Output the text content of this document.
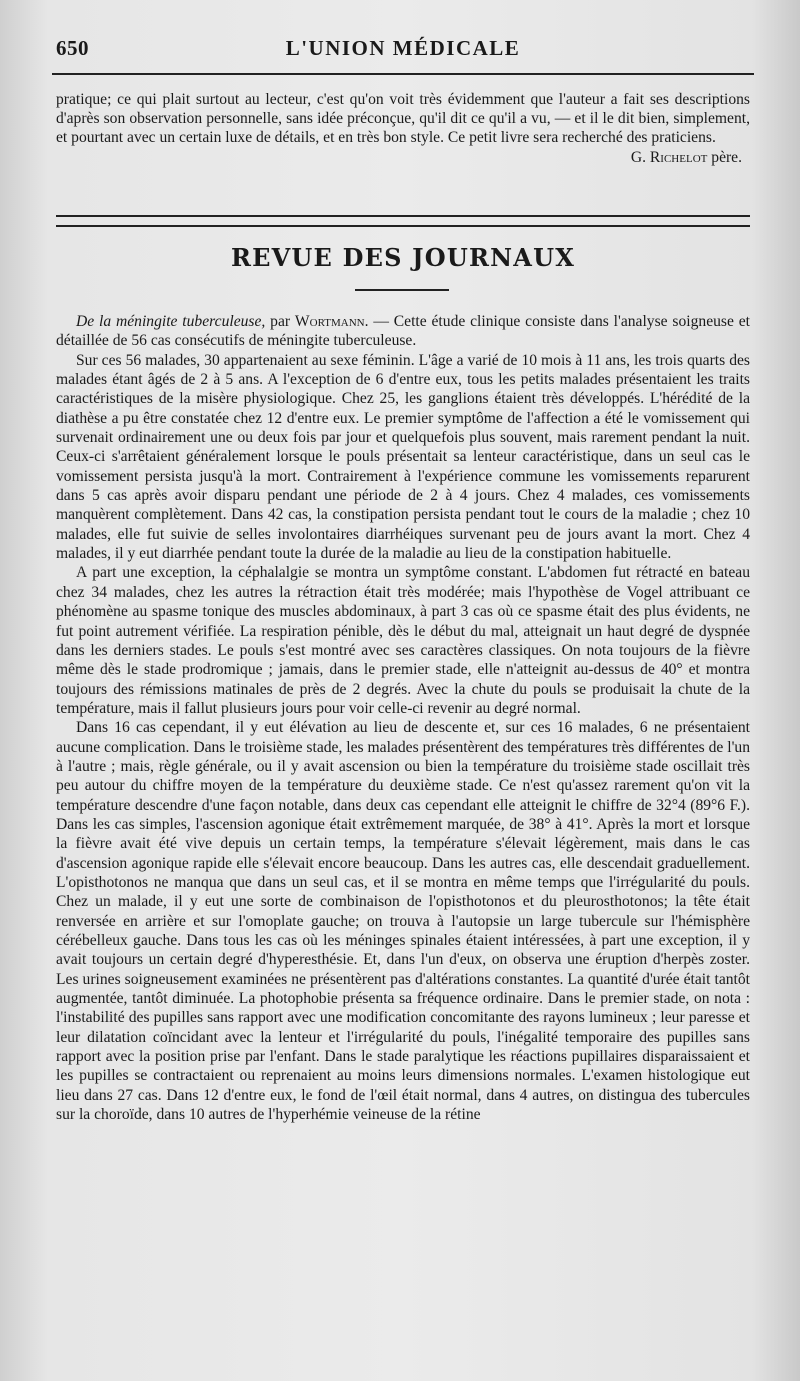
650	L'UNION MÉDICALE

pratique; ce qui plait surtout au lecteur, c'est qu'on voit très évidemment que l'auteur a fait ses descriptions d'après son observation personnelle, sans idée préconçue, qu'il dit ce qu'il a vu, — et il le dit bien, simplement, et pourtant avec un certain luxe de détails, et en très bon style. Ce petit livre sera recherché des praticiens.

G. Richelot père.
REVUE DES JOURNAUX

De la méningite tuberculeuse, par Wortmann. — Cette étude clinique consiste dans l'analyse soigneuse et détaillée de 56 cas consécutifs de méningite tuberculeuse.

Sur ces 56 malades, 30 appartenaient au sexe féminin. L'âge a varié de 10 mois à 11 ans, les trois quarts des malades étant âgés de 2 à 5 ans. A l'exception de 6 d'entre eux, tous les petits malades présentaient les traits caractéristiques de la misère physiologique. Chez 25, les ganglions étaient très développés. L'hérédité de la diathèse a pu être constatée chez 12 d'entre eux. Le premier symptôme de l'affection a été le vomissement qui survenait ordinairement une ou deux fois par jour et quelquefois plus souvent, mais rarement pendant la nuit. Ceux-ci s'arrêtaient généralement lorsque le pouls présentait sa lenteur caractéristique, dans un seul cas le vomissement persista jusqu'à la mort. Contrairement à l'expérience commune les vomissements reparurent dans 5 cas après avoir disparu pendant une période de 2 à 4 jours. Chez 4 malades, ces vomissements manquèrent complètement. Dans 42 cas, la constipation persista pendant tout le cours de la maladie ; chez 10 malades, elle fut suivie de selles involontaires diarrhéiques survenant peu de jours avant la mort. Chez 4 malades, il y eut diarrhée pendant toute la durée de la maladie au lieu de la constipation habituelle.

A part une exception, la céphalalgie se montra un symptôme constant. L'abdomen fut rétracté en bateau chez 34 malades, chez les autres la rétraction était très modérée; mais l'hypothèse de Vogel attribuant ce phénomène au spasme tonique des muscles abdominaux, à part 3 cas où ce spasme était des plus évidents, ne fut point autrement vérifiée. La respiration pénible, dès le début du mal, atteignait un haut degré de dyspnée dans les derniers stades. Le pouls s'est montré avec ses caractères classiques. On nota toujours de la fièvre même dès le stade prodromique ; jamais, dans le premier stade, elle n'atteignit au-dessus de 40° et montra toujours des rémissions matinales de près de 2 degrés. Avec la chute du pouls se produisait la chute de la température, mais il fallut plusieurs jours pour voir celle-ci revenir au degré normal.

Dans 16 cas cependant, il y eut élévation au lieu de descente et, sur ces 16 malades, 6 ne présentaient aucune complication. Dans le troisième stade, les malades présentèrent des températures très différentes de l'un à l'autre ; mais, règle générale, ou il y avait ascension ou bien la température du troisième stade oscillait très peu autour du chiffre moyen de la température du deuxième stade. Ce n'est qu'assez rarement qu'on vit la température descendre d'une façon notable, dans deux cas cependant elle atteignit le chiffre de 32°4 (89°6 F.). Dans les cas simples, l'ascension agonique était extrêmement marquée, de 38° à 41°. Après la mort et lorsque la fièvre avait été vive depuis un certain temps, la température s'élevait légèrement, mais dans le cas d'ascension agonique rapide elle s'élevait encore beaucoup. Dans les autres cas, elle descendait graduellement. L'opisthotonos ne manqua que dans un seul cas, et il se montra en même temps que l'irrégularité du pouls. Chez un malade, il y eut une sorte de combinaison de l'opisthotonos et du pleurosthotonos; la tête était renversée en arrière et sur l'omoplate gauche; on trouva à l'autopsie un large tubercule sur l'hémisphère cérébelleux gauche. Dans tous les cas où les méninges spinales étaient intéressées, à part une exception, il y avait toujours un certain degré d'hyperesthésie. Et, dans l'un d'eux, on observa une éruption d'herpès zoster. Les urines soigneusement examinées ne présentèrent pas d'altérations constantes. La quantité d'urée était tantôt augmentée, tantôt diminuée. La photophobie présenta sa fréquence ordinaire. Dans le premier stade, on nota : l'instabilité des pupilles sans rapport avec une modification concomitante des rayons lumineux ; leur paresse et leur dilatation coïncidant avec la lenteur et l'irrégularité du pouls, l'inégalité temporaire des pupilles sans rapport avec la position prise par l'enfant. Dans le stade paralytique les réactions pupillaires disparaissaient et les pupilles se contractaient ou reprenaient au moins leurs dimensions normales. L'examen histologique eut lieu dans 27 cas. Dans 12 d'entre eux, le fond de l'œil était normal, dans 4 autres, on distingua des tubercules sur la choroïde, dans 10 autres de l'hyperhémie veineuse de la rétine
